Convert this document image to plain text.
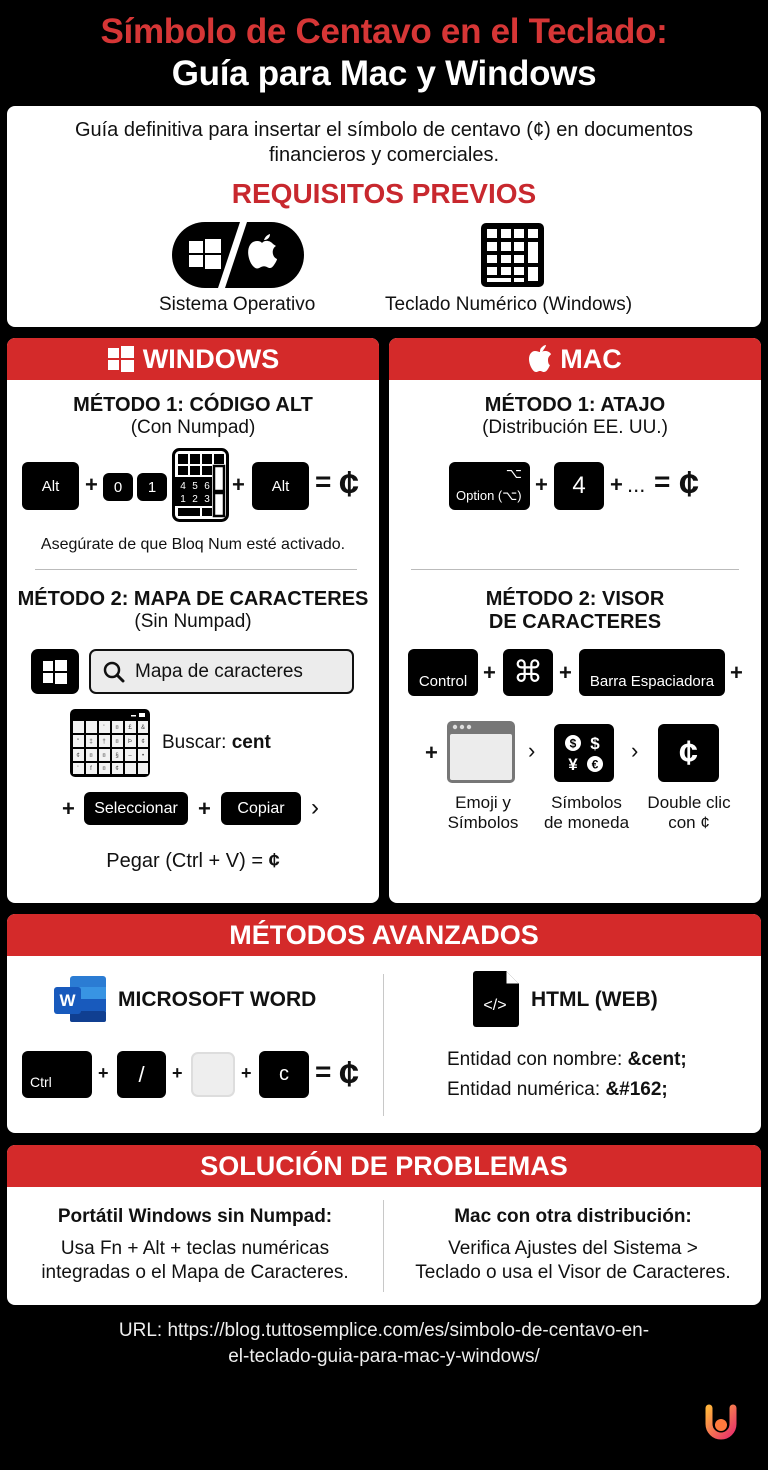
Símbolo de Centavo en el Teclado:
Guía para Mac y Windows
Guía definitiva para insertar el símbolo de centavo (¢) en documentos financieros y comerciales.
REQUISITOS PREVIOS
Sistema Operativo	Teclado Numérico (Windows)
WINDOWS
MÉTODO 1: CÓDIGO ALT
(Con Numpad)
Alt	+	0	1	4 5 6
1 2 3
+	Alt = ¢
Asegúrate de que Bloq Num esté activado.
MÉTODO 2: MAPA DE CARACTERES
(Sin Numpad)
Mapa de caracteres
' ¤ £ &
" ‡ † ¤ Þ ¢
¢ ¤ ¤ § – •
' f ¤ ¢
Buscar: cent
+	Seleccionar +	Copiar	›
Pegar (Ctrl + V) = ¢
MAC
MÉTODO 1: ATAJO
(Distribución EE. UU.)
⌥
Option (⌥) +	4	+ ... = ¢
MÉTODO 2: VISOR
DE CARACTERES
Control + ⌘ +	Barra Espaciadora +
+	›	$ $
¥ €
›	¢
Emoji y
Símbolos
Símbolos
de moneda
Double clic
con ¢
MÉTODOS AVANZADOS
W MICROSOFT WORD
Ctrl	+	/	+	+	c = ¢
</> HTML (WEB)
Entidad con nombre: &cent;
Entidad numérica: &#162;
SOLUCIÓN DE PROBLEMAS
Portátil Windows sin Numpad:
Usa Fn + Alt + teclas numéricas
integradas o el Mapa de Caracteres.
Mac con otra distribución:
Verifica Ajustes del Sistema >
Teclado o usa el Visor de Caracteres.
URL: https://blog.tuttosemplice.com/es/simbolo-de-centavo-en-
el-teclado-guia-para-mac-y-windows/
